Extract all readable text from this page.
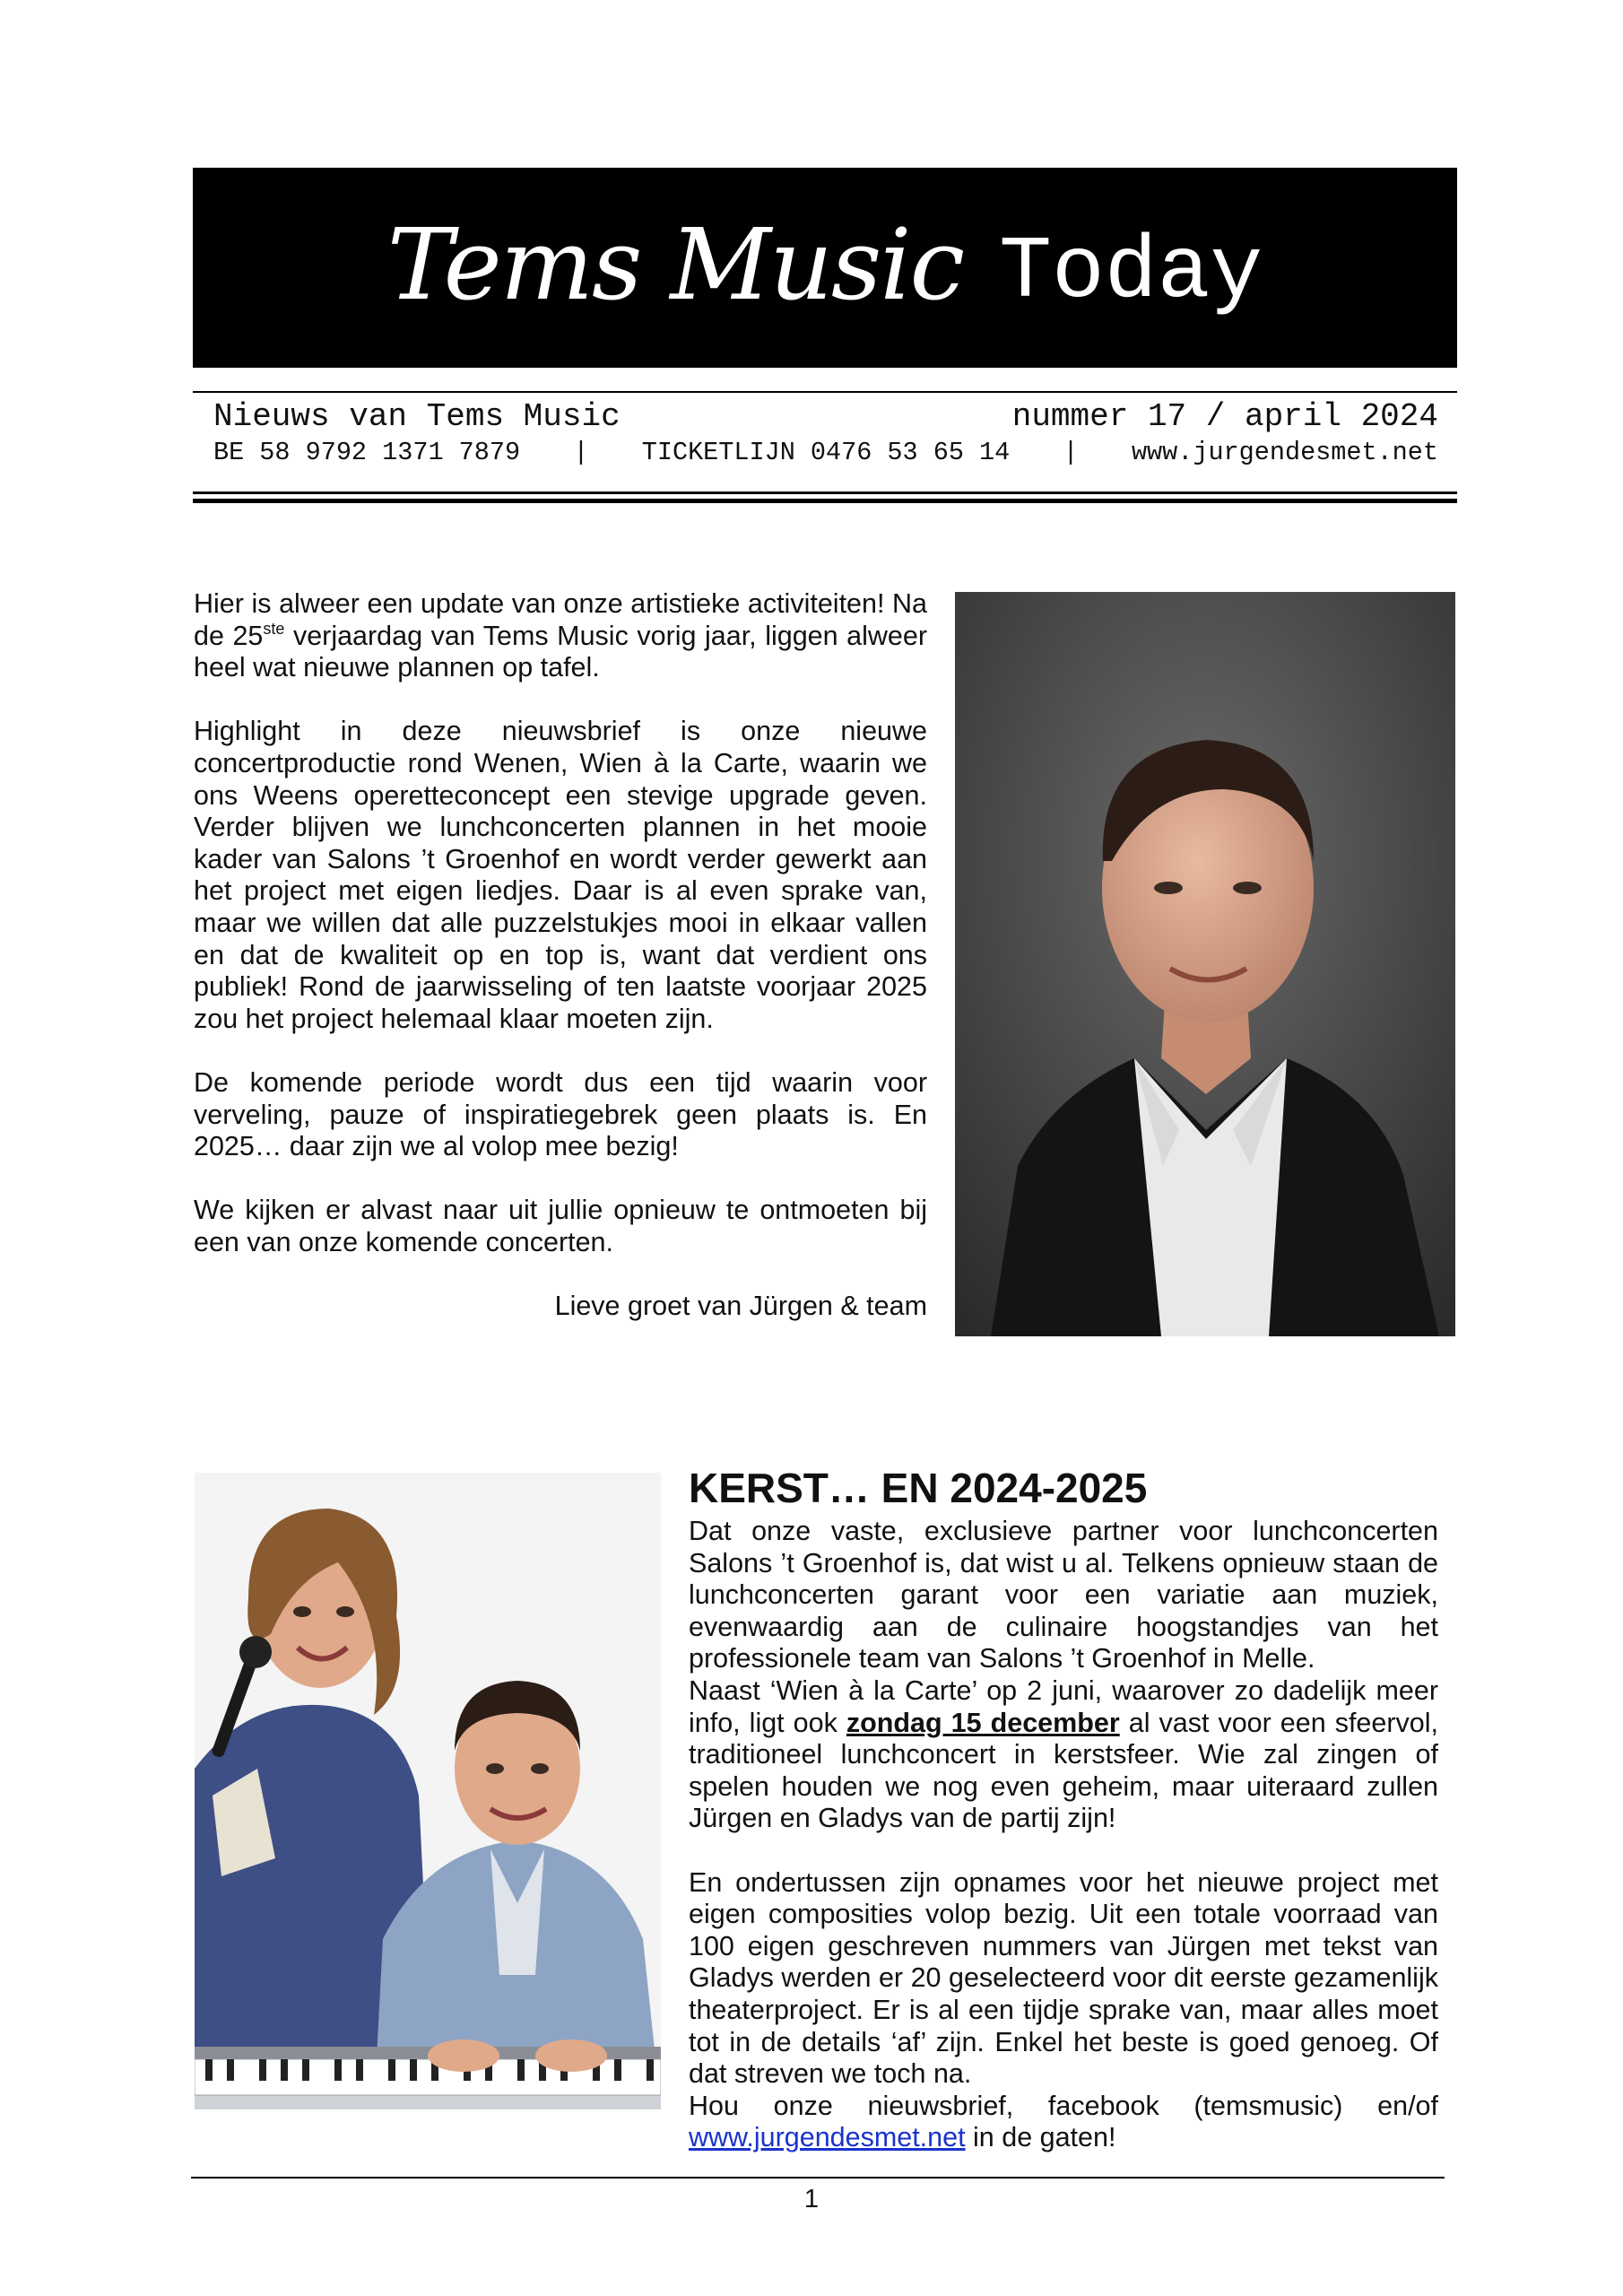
Tems Music Today
Nieuws van Tems Music	nummer 17 / april 2024
BE 58 9792 1371 7879 | TICKETLIJN 0476 53 65 14 | www.jurgendesmet.net

Hier is alweer een update van onze artistieke activiteiten! Na de 25ste verjaardag van Tems Music vorig jaar, liggen alweer heel wat nieuwe plannen op tafel.

Highlight in deze nieuwsbrief is onze nieuwe concertproductie rond Wenen, Wien à la Carte, waarin we ons Weens operetteconcept een stevige upgrade geven. Verder blijven we lunchconcerten plannen in het mooie kader van Salons ’t Groenhof en wordt verder gewerkt aan het project met eigen liedjes. Daar is al even sprake van, maar we willen dat alle puzzelstukjes mooi in elkaar vallen en dat de kwaliteit op en top is, want dat verdient ons publiek! Rond de jaarwisseling of ten laatste voorjaar 2025 zou het project helemaal klaar moeten zijn.

De komende periode wordt dus een tijd waarin voor verveling, pauze of inspiratiegebrek geen plaats is. En 2025… daar zijn we al volop mee bezig!

We kijken er alvast naar uit jullie opnieuw te ontmoeten bij een van onze komende concerten.

Lieve groet van Jürgen & team

KERST… EN 2024-2025

Dat onze vaste, exclusieve partner voor lunchconcerten Salons ’t Groenhof is, dat wist u al. Telkens opnieuw staan de lunchconcerten garant voor een variatie aan muziek, evenwaardig aan de culinaire hoogstandjes van het professionele team van Salons ’t Groenhof in Melle.

Naast ‘Wien à la Carte’ op 2 juni, waarover zo dadelijk meer info, ligt ook zondag 15 december al vast voor een sfeervol, traditioneel lunchconcert in kerstsfeer. Wie zal zingen of spelen houden we nog even geheim, maar uiteraard zullen Jürgen en Gladys van de partij zijn!

En ondertussen zijn opnames voor het nieuwe project met eigen composities volop bezig. Uit een totale voorraad van 100 eigen geschreven nummers van Jürgen met tekst van Gladys werden er 20 geselecteerd voor dit eerste gezamenlijk theaterproject. Er is al een tijdje sprake van, maar alles moet tot in de details ‘af’ zijn. Enkel het beste is goed genoeg. Of dat streven we toch na.

Hou onze nieuwsbrief, facebook (temsmusic) en/of www.jurgendesmet.net in de gaten!

1
